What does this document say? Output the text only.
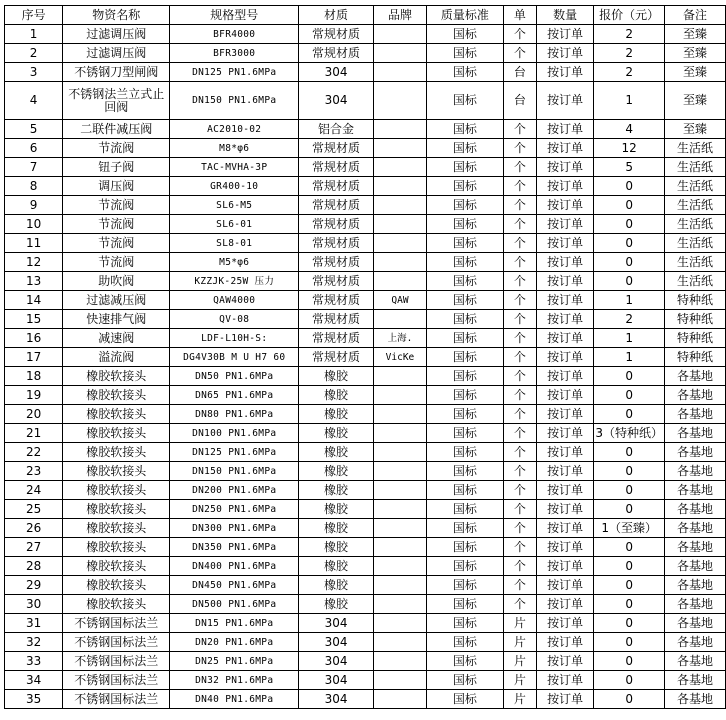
序号	物资名称	规格型号	材质	品牌	质量标准	单	数量	报价（元）	备注
1	过滤调压阀	BFR4000	常规材质		国标	个	按订单	2	至臻
2	过滤调压阀	BFR3000	常规材质		国标	个	按订单	2	至臻
3	不锈钢刀型闸阀	DN125 PN1.6MPa	304		国标	台	按订单	2	至臻
4	不锈钢法兰立式止回阀	DN150 PN1.6MPa	304		国标	台	按订单	1	至臻
5	二联件减压阀	AC2010-02	铝合金		国标	个	按订单	4	至臻
6	节流阀	M8*φ6	常规材质		国标	个	按订单	12	生活纸
7	钮子阀	TAC-MVHA-3P	常规材质		国标	个	按订单	5	生活纸
8	调压阀	GR400-10	常规材质		国标	个	按订单	0	生活纸
9	节流阀	SL6-M5	常规材质		国标	个	按订单	0	生活纸
10	节流阀	SL6-01	常规材质		国标	个	按订单	0	生活纸
11	节流阀	SL8-01	常规材质		国标	个	按订单	0	生活纸
12	节流阀	M5*φ6	常规材质		国标	个	按订单	0	生活纸
13	助吹阀	KZZJK-25W 压力	常规材质		国标	个	按订单	0	生活纸
14	过滤减压阀	QAW4000	常规材质	QAW	国标	个	按订单	1	特种纸
15	快速排气阀	QV-08	常规材质		国标	个	按订单	2	特种纸
16	减速阀	LDF-L10H-S:	常规材质	上海.	国标	个	按订单	1	特种纸
17	溢流阀	DG4V30B M U H7 60	常规材质	VicKe	国标	个	按订单	1	特种纸
18	橡胶软接头	DN50 PN1.6MPa	橡胶		国标	个	按订单	0	各基地
19	橡胶软接头	DN65 PN1.6MPa	橡胶		国标	个	按订单	0	各基地
20	橡胶软接头	DN80 PN1.6MPa	橡胶		国标	个	按订单	0	各基地
21	橡胶软接头	DN100 PN1.6MPa	橡胶		国标	个	按订单	3（特种纸）	各基地
22	橡胶软接头	DN125 PN1.6MPa	橡胶		国标	个	按订单	0	各基地
23	橡胶软接头	DN150 PN1.6MPa	橡胶		国标	个	按订单	0	各基地
24	橡胶软接头	DN200 PN1.6MPa	橡胶		国标	个	按订单	0	各基地
25	橡胶软接头	DN250 PN1.6MPa	橡胶		国标	个	按订单	0	各基地
26	橡胶软接头	DN300 PN1.6MPa	橡胶		国标	个	按订单	1（至臻）	各基地
27	橡胶软接头	DN350 PN1.6MPa	橡胶		国标	个	按订单	0	各基地
28	橡胶软接头	DN400 PN1.6MPa	橡胶		国标	个	按订单	0	各基地
29	橡胶软接头	DN450 PN1.6MPa	橡胶		国标	个	按订单	0	各基地
30	橡胶软接头	DN500 PN1.6MPa	橡胶		国标	个	按订单	0	各基地
31	不锈钢国标法兰	DN15 PN1.6MPa	304		国标	片	按订单	0	各基地
32	不锈钢国标法兰	DN20 PN1.6MPa	304		国标	片	按订单	0	各基地
33	不锈钢国标法兰	DN25 PN1.6MPa	304		国标	片	按订单	0	各基地
34	不锈钢国标法兰	DN32 PN1.6MPa	304		国标	片	按订单	0	各基地
35	不锈钢国标法兰	DN40 PN1.6MPa	304		国标	片	按订单	0	各基地
